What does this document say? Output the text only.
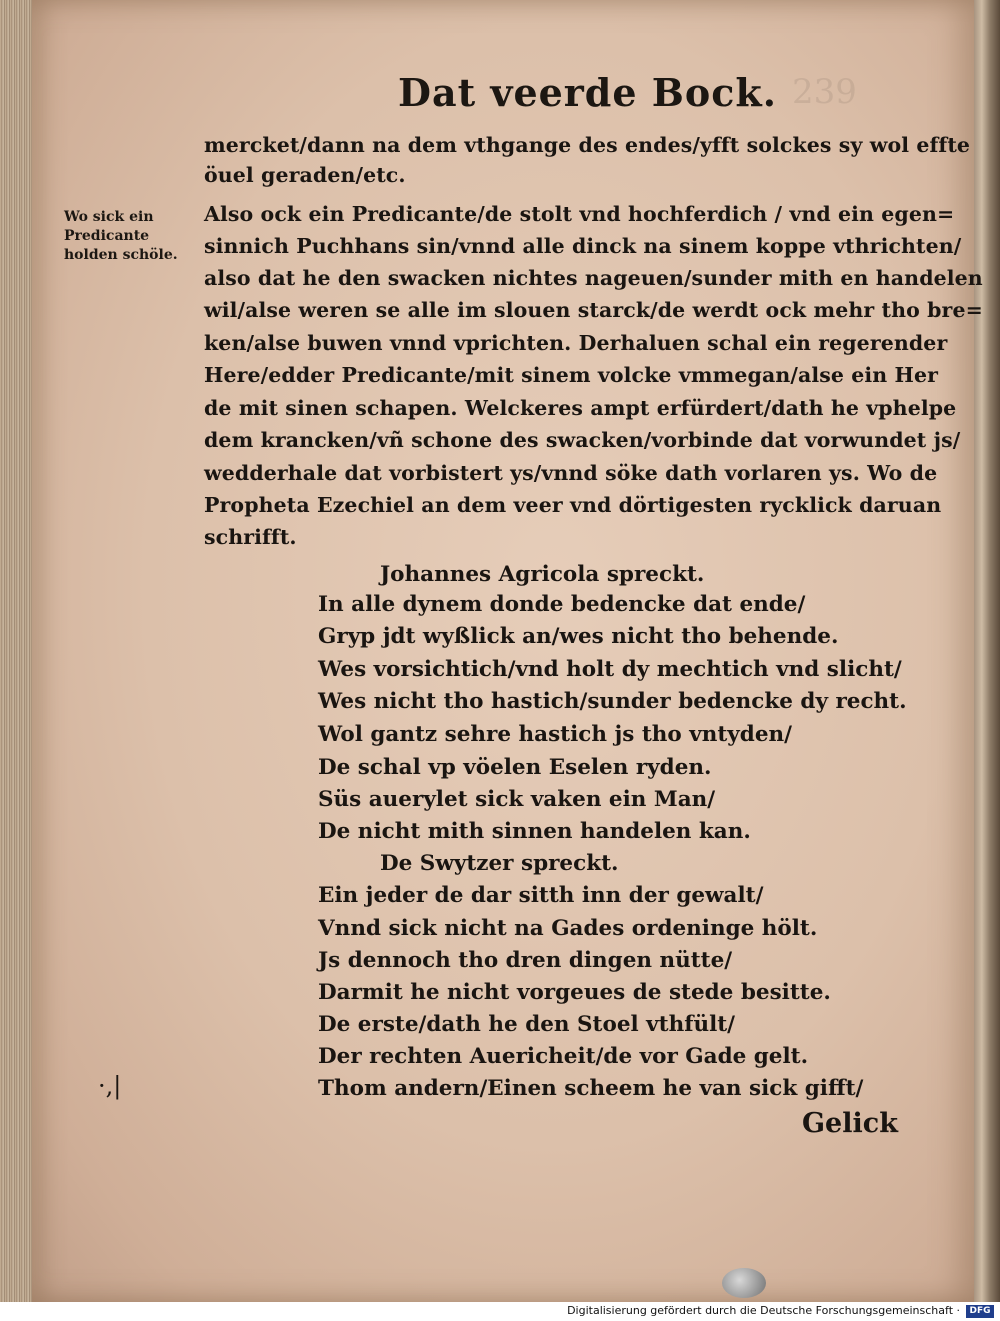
239
Dat veerde Bock.
mercket/dann na dem vthgange des endes/yfft solckes sy wol effte
öuel geraden/etc.
Also ock ein Predicante/de stolt vnd hochferdich / vnd ein egen=
sinnich Puchhans sin/vnnd alle dinck na sinem koppe vthrichten/
also dat he den swacken nichtes nageuen/sunder mith en handelen
wil/alse weren se alle im slouen starck/de werdt ock mehr tho bre=
ken/alse buwen vnnd vprichten. Derhaluen schal ein regerender
Here/edder Predicante/mit sinem volcke vmmegan/alse ein Her
de mit sinen schapen. Welckeres ampt erfürdert/dath he vphelpe
dem krancken/vñ schone des swacken/vorbinde dat vorwundet js/
wedderhale dat vorbistert ys/vnnd söke dath vorlaren ys. Wo de
Propheta Ezechiel an dem veer vnd dörtigesten rycklick daruan
schrifft.
Wo sick ein
Predicante
holden schöle.
Johannes Agricola spreckt.
In alle dynem donde bedencke dat ende/
Gryp jdt wyßlick an/wes nicht tho behende.
Wes vorsichtich/vnd holt dy mechtich vnd slicht/
Wes nicht tho hastich/sunder bedencke dy recht.
Wol gantz sehre hastich js tho vntyden/
De schal vp vöelen Eselen ryden.
Süs auerylet sick vaken ein Man/
De nicht mith sinnen handelen kan.
De Swytzer spreckt.
Ein jeder de dar sitth inn der gewalt/
Vnnd sick nicht na Gades ordeninge hölt.
Js dennoch tho dren dingen nütte/
Darmit he nicht vorgeues de stede besitte.
De erste/dath he den Stoel vthfült/
Der rechten Auericheit/de vor Gade gelt.
Thom andern/Einen scheem he van sick gifft/
·,|
Gelick
Digitalisierung gefördert durch die Deutsche Forschungsgemeinschaft ·	DFG
